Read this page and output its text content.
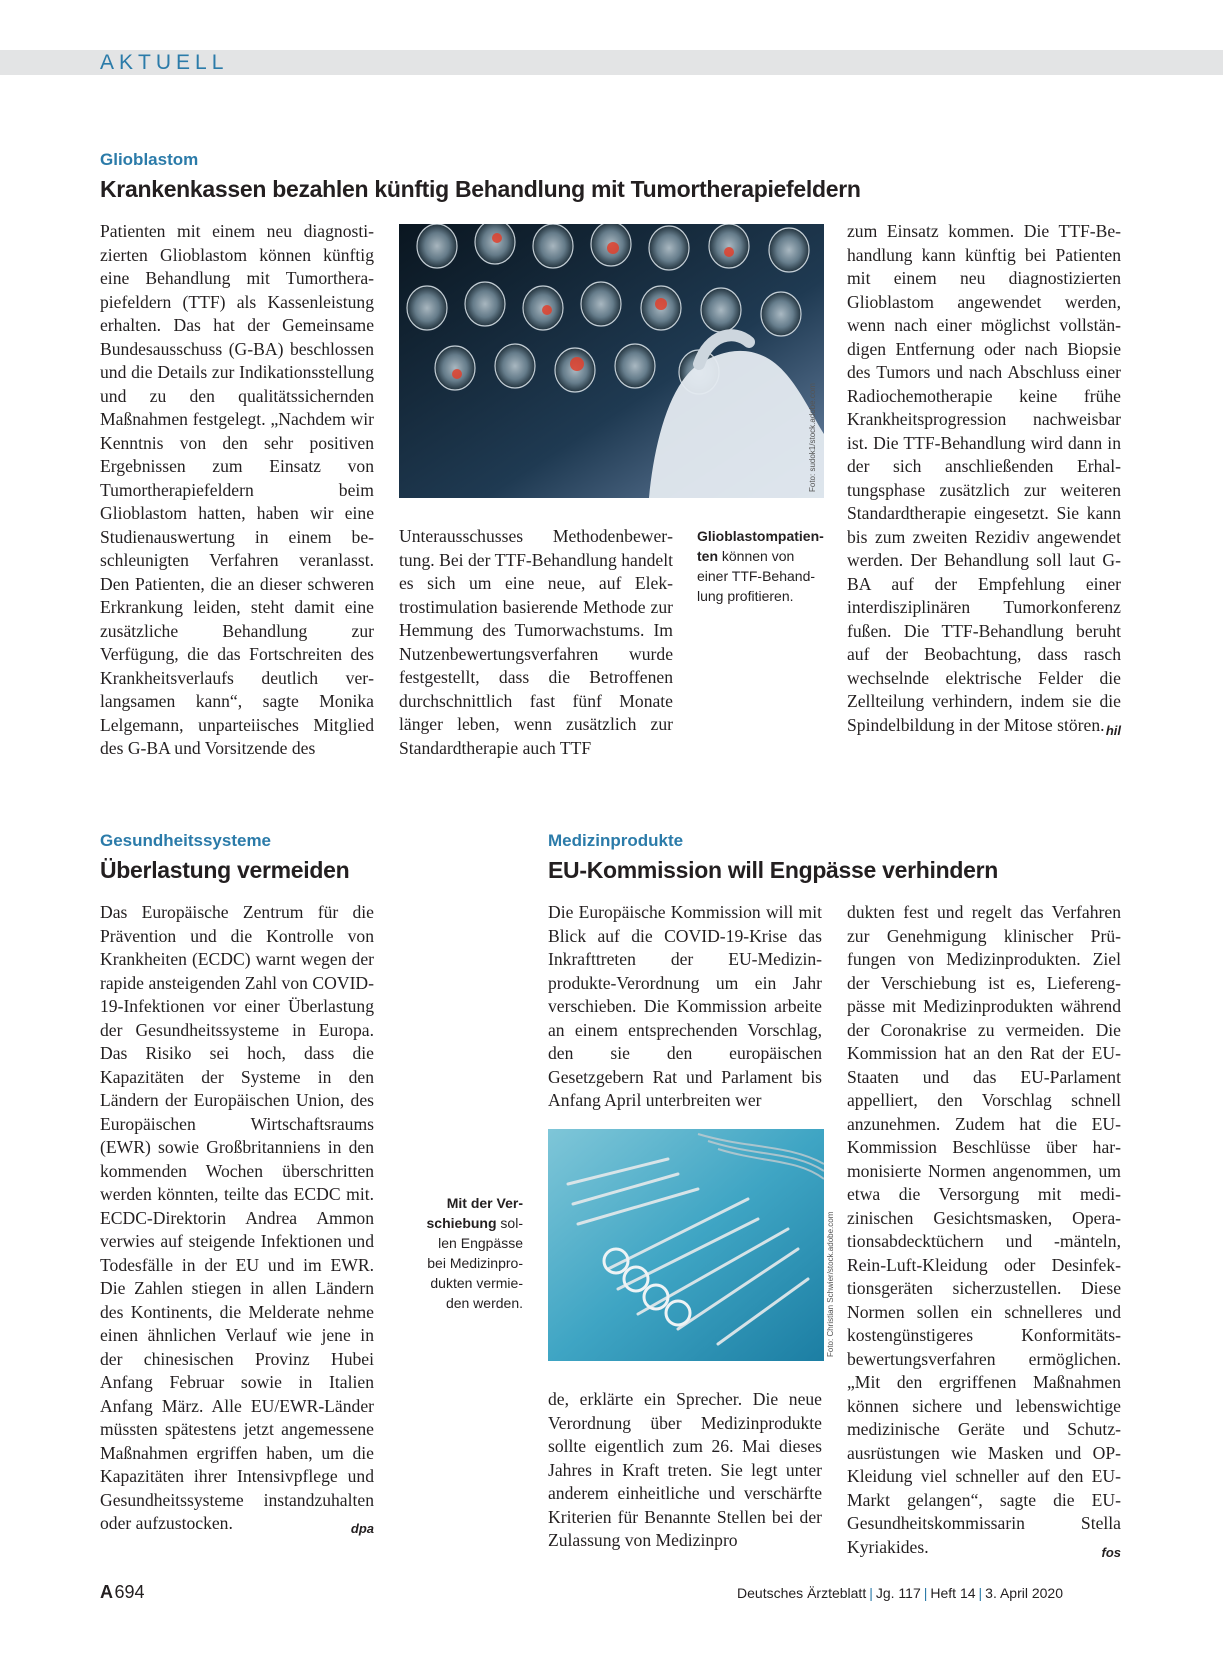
AKTUELL
Glioblastom
Krankenkassen bezahlen künftig Behandlung mit Tumortherapiefeldern

Patienten mit einem neu diagnostizierten Glioblastom können künftig eine Behandlung mit Tumortherapiefeldern (TTF) als Kassenleistung erhalten. Das hat der Gemeinsame Bundesausschuss (G-BA) beschlossen und die Details zur Indikationsstellung und zu den qualitätssichernden Maßnahmen festgelegt. „Nachdem wir Kenntnis von den sehr positiven Ergebnissen zum Einsatz von Tumortherapiefeldern beim Glioblastom hatten, haben wir eine Studienauswertung in einem beschleunigten Verfahren veranlasst. Den Patienten, die an dieser schweren Erkrankung leiden, steht damit eine zusätzliche Behandlung zur Verfügung, die das Fortschreiten des Krankheitsverlaufs deutlich verlangsamen kann“, sagte Monika Lelgemann, unparteiisches Mitglied des G-BA und Vorsitzende des

Foto: sudok1/stock.adobe.com

Unterausschusses Methodenbewertung. Bei der TTF-Behandlung handelt es sich um eine neue, auf Elektrostimulation basierende Methode zur Hemmung des Tumorwachstums. Im Nutzenbewertungsverfahren wurde festgestellt, dass die Betroffenen durchschnittlich fast fünf Monate länger leben, wenn zusätzlich zur Standardtherapie auch TTF

Glioblastompatienten können von einer TTF-Behandlung profitieren.

zum Einsatz kommen. Die TTF-Behandlung kann künftig bei Patienten mit einem neu diagnostizierten Glioblastom angewendet werden, wenn nach einer möglichst vollständigen Entfernung oder nach Biopsie des Tumors und nach Abschluss einer Radiochemotherapie keine frühe Krankheitsprogression nachweisbar ist. Die TTF-Behandlung wird dann in der sich anschließenden Erhaltungsphase zusätzlich zur weiteren Standardtherapie eingesetzt. Sie kann bis zum zweiten Rezidiv angewendet werden. Der Behandlung soll laut G-BA auf der Empfehlung einer interdisziplinären Tumorkonferenz fußen. Die TTF-Behandlung beruht auf der Beobachtung, dass rasch wechselnde elektrische Felder die Zellteilung verhindern, indem sie die Spindelbildung in der Mitose stören. hil

Gesundheitssysteme
Überlastung vermeiden

Das Europäische Zentrum für die Prävention und die Kontrolle von Krankheiten (ECDC) warnt wegen der rapide ansteigenden Zahl von COVID-19-Infektionen vor einer Überlastung der Gesundheitssysteme in Europa. Das Risiko sei hoch, dass die Kapazitäten der Systeme in den Ländern der Europäischen Union, des Europäischen Wirtschaftsraums (EWR) sowie Großbritanniens in den kommenden Wochen überschritten werden könnten, teilte das ECDC mit. ECDC-Direktorin Andrea Ammon verwies auf steigende Infektionen und Todesfälle in der EU und im EWR. Die Zahlen stiegen in allen Ländern des Kontinents, die Melderate nehme einen ähnlichen Verlauf wie jene in der chinesischen Provinz Hubei Anfang Februar sowie in Italien Anfang März. Alle EU/EWR-Länder müssten spätestens jetzt angemessene Maßnahmen ergriffen haben, um die Kapazitäten ihrer Intensivpflege und Gesundheitssysteme instandzuhalten oder aufzustocken.	dpa

Mit der Verschiebung sollen Engpässe bei Medizinprodukten vermieden werden.
Medizinprodukte
EU-Kommission will Engpässe verhindern

Die Europäische Kommission will mit Blick auf die COVID-19-Krise das Inkrafttreten der EU-Medizinprodukte-Verordnung um ein Jahr verschieben. Die Kommission arbeite an einem entsprechenden Vorschlag, den sie den europäischen Gesetzgebern Rat und Parlament bis Anfang April unterbreiten wer

Foto: Christian Schwier/stock.adobe.com

de, erklärte ein Sprecher. Die neue Verordnung über Medizinprodukte sollte eigentlich zum 26. Mai dieses Jahres in Kraft treten. Sie legt unter anderem einheitliche und verschärfte Kriterien für Benannte Stellen bei der Zulassung von Medizinpro

dukten fest und regelt das Verfahren zur Genehmigung klinischer Prüfungen von Medizinprodukten. Ziel der Verschiebung ist es, Lieferengpässe mit Medizinprodukten während der Coronakrise zu vermeiden. Die Kommission hat an den Rat der EU-Staaten und das EU-Parlament appelliert, den Vorschlag schnell anzunehmen. Zudem hat die EU-Kommission Beschlüsse über harmonisierte Normen angenommen, um etwa die Versorgung mit medizinischen Gesichtsmasken, Operationsabdecktüchern und -mänteln, Rein-Luft-Kleidung oder Desinfektionsgeräten sicherzustellen. Diese Normen sollen ein schnelleres und kostengünstigeres Konformitätsbewertungsverfahren ermöglichen. „Mit den ergriffenen Maßnahmen können sichere und lebenswichtige medizinische Geräte und Schutzausrüstungen wie Masken und OP-Kleidung viel schneller auf den EU-Markt gelangen“, sagte die EU-Gesundheitskommissarin Stella Kyriakides.	fos

A 694	Deutsches Ärzteblatt | Jg. 117 | Heft 14 | 3. April 2020
